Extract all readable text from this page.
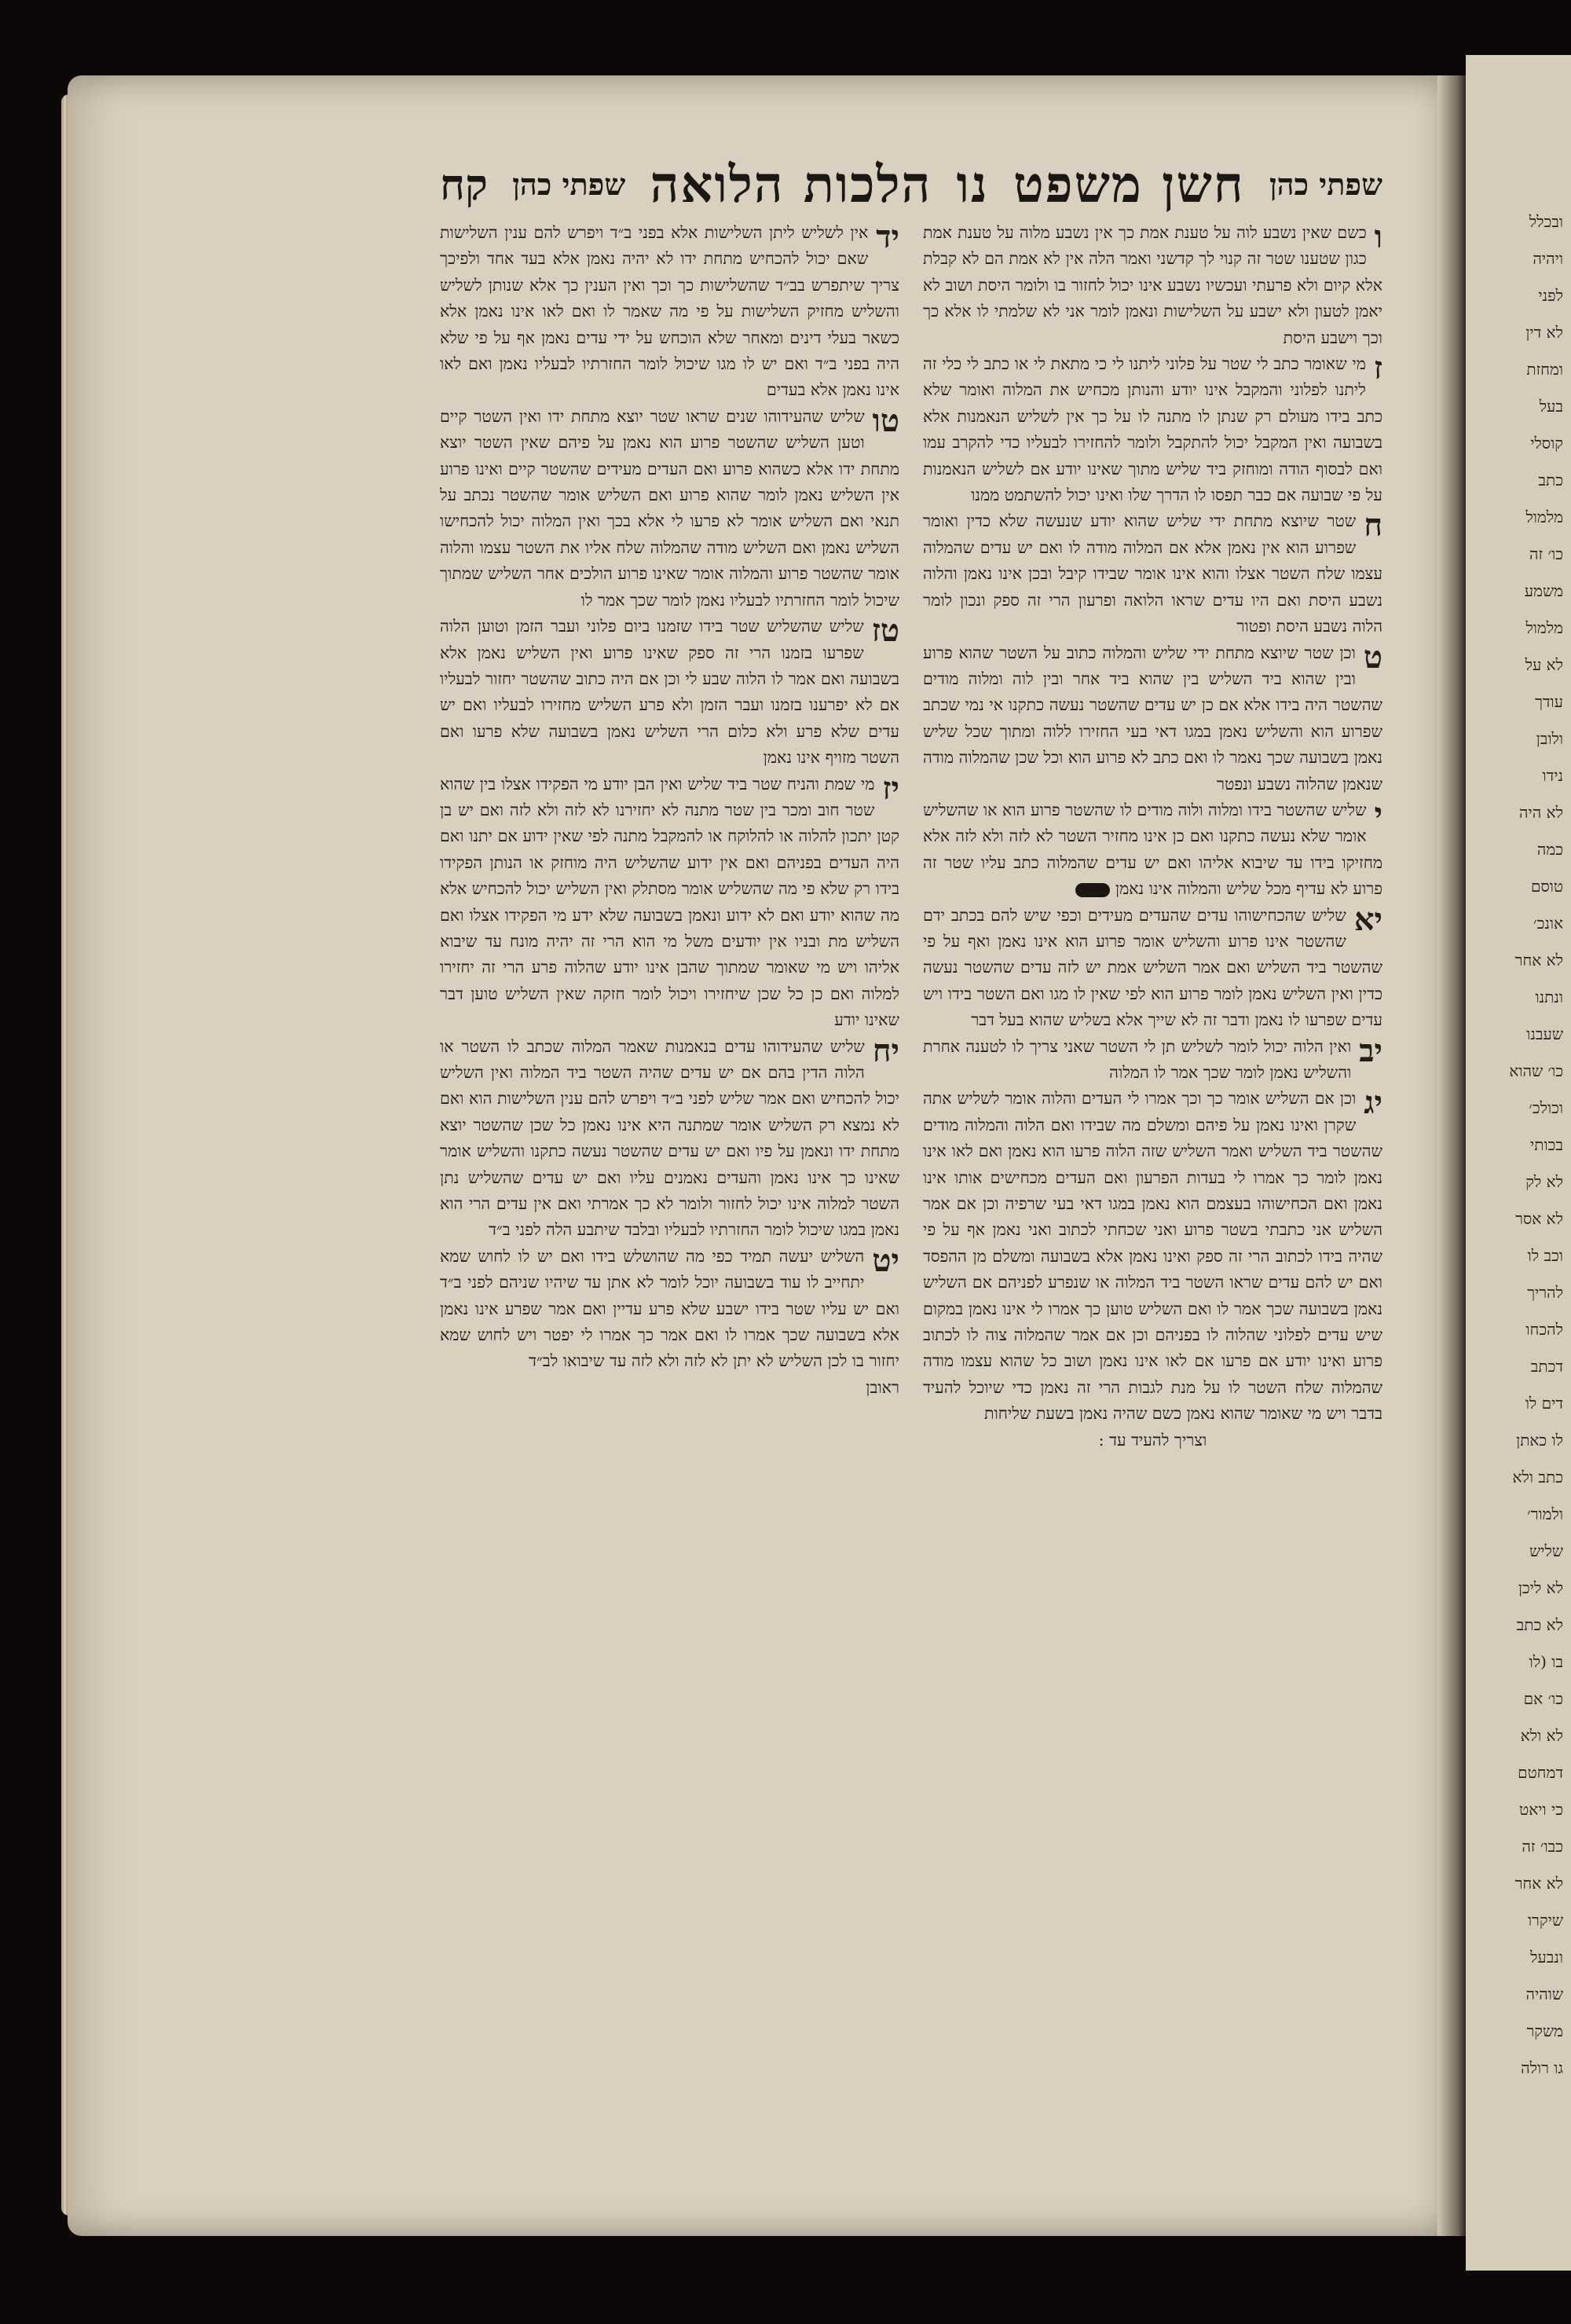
ובכלל
ויהיה
לפני
לא דין
ומחזת
בעל
קוסלי
כתב
מלמול
כו׳ זה
משמע
מלמול
לא על
עודך
ולובן
נידו
לא היה
כמה
טוסם
אונכ׳
לא אחר
ונתנו
שעבנו
כו׳ שהוא
וכולכ׳
בכותי
לא לק
לא אסר
וכב לו
להריך
להכחו
דכתב
דים לו
לו כאתן
כתב ולא
ולמור׳
שליש
לא ליכן
לא כתב
בו (לו
כו׳ אם
לא ולא
דמחטם
כי ויאט
כבו׳ זה
לא אחר
שיקרו
ונבעל
שוהיה
משקר
גו רולה
שפתי כהן
חשן משפט
נו
הלכות הלואה
שפתי כהן
קח

ו
כשם שאין נשבע לוה על טענת אמת כך אין נשבע מלוה על טענת אמת כגון שטענו שטר זה קנוי לך קדשני ואמר הלה אין לא אמת הם לא קבלת אלא קיום ולא פרעתי ועכשיו נשבע אינו יכול לחזור בו ולומר היסת ושוב לא יאמן לטעון ולא ישבע על השלישות ונאמן לומר אני לא שלמתי לו אלא כך וכך וישבע היסת

ז
מי שאומר כתב לי שטר על פלוני ליתנו לי כי מתאת לי או כתב לי כלי זה ליתנו לפלוני והמקבל אינו יודע והנותן מכחיש את המלוה ואומר שלא כתב בידו מעולם רק שנתן לו מתנה לו על כך אין לשליש הנאמנות אלא בשבועה ואין המקבל יכול להתקבל ולומר להחזירו לבעליו כדי להקרב עמו ואם לבסוף הודה ומוחזק ביד שליש מתוך שאינו יודע אם לשליש הנאמנות על פי שבועה אם כבר תפסו לו הדרך שלו ואינו יכול להשתמט ממנו

ח
שטר שיוצא מתחת ידי שליש שהוא יודע שנעשה שלא כדין ואומר שפרוע הוא אין נאמן אלא אם המלוה מודה לו ואם יש עדים שהמלוה עצמו שלח השטר אצלו והוא אינו אומר שבידו קיבל ובכן אינו נאמן והלוה נשבע היסת ואם היו עדים שראו הלואה ופרעון הרי זה ספק ונכון לומר הלוה נשבע היסת ופטור

ט
וכן שטר שיוצא מתחת ידי שליש והמלוה כתוב על השטר שהוא פרוע ובין שהוא ביד השליש בין שהוא ביד אחר ובין לוה ומלוה מודים שהשטר היה בידו אלא אם כן יש עדים שהשטר נעשה כתקנו אי נמי שכתב שפרוע הוא והשליש נאמן במגו דאי בעי החזירו ללוה ומתוך שכל שליש נאמן בשבועה שכך נאמר לו ואם כתב לא פרוע הוא וכל שכן שהמלוה מודה שנאמן שהלוה נשבע ונפטר

י
שליש שהשטר בידו ומלוה ולוה מודים לו שהשטר פרוע הוא או שהשליש אומר שלא נעשה כתקנו ואם כן אינו מחזיר השטר לא לזה ולא לזה אלא מחזיקו בידו עד שיבוא אליהו ואם יש עדים שהמלוה כתב עליו שטר זה פרוע לא עדיף מכל שליש והמלוה אינו נאמן

יא
שליש שהכחישוהו עדים שהעדים מעידים וכפי שיש להם בכתב ידם שהשטר אינו פרוע והשליש אומר פרוע הוא אינו נאמן ואף על פי שהשטר ביד השליש ואם אמר השליש אמת יש לזה עדים שהשטר נעשה כדין ואין השליש נאמן לומר פרוע הוא לפי שאין לו מגו ואם השטר בידו ויש עדים שפרעו לו נאמן ודבר זה לא שייך אלא בשליש שהוא בעל דבר

יב
ואין הלוה יכול לומר לשליש תן לי השטר שאני צריך לו לטענה אחרת והשליש נאמן לומר שכך אמר לו המלוה

יג
וכן אם השליש אומר כך וכך אמרו לי העדים והלוה אומר לשליש אתה שקרן ואינו נאמן על פיהם ומשלם מה שבידו ואם הלוה והמלוה מודים שהשטר ביד השליש ואמר השליש שזה הלוה פרעו הוא נאמן ואם לאו אינו נאמן לומר כך אמרו לי בעדות הפרעון ואם העדים מכחישים אותו אינו נאמן ואם הכחישוהו בעצמם הוא נאמן במגו דאי בעי שרפיה וכן אם אמר השליש אני כתבתי בשטר פרוע ואני שכחתי לכתוב ואני נאמן אף על פי שהיה בידו לכתוב הרי זה ספק ואינו נאמן אלא בשבועה ומשלם מן ההפסד ואם יש להם עדים שראו השטר ביד המלוה או שנפרע לפניהם אם השליש נאמן בשבועה שכך אמר לו ואם השליש טוען כך אמרו לי אינו נאמן במקום שיש עדים לפלוני שהלוה לו בפניהם וכן אם אמר שהמלוה צוה לו לכתוב פרוע ואינו יודע אם פרעו אם לאו אינו נאמן ושוב כל שהוא עצמו מודה שהמלוה שלח השטר לו על מנת לגבות הרי זה נאמן כדי שיוכל להעיד בדבר ויש מי שאומר שהוא נאמן כשם שהיה נאמן בשעת שליחות

וצריך להעיד עד :

יד
אין לשליש ליתן השלישות אלא בפני ב״ד ויפרש להם ענין השלישות שאם יכול להכחיש מתחת ידו לא יהיה נאמן אלא בעד אחד ולפיכך צריך שיתפרש בב״ד שהשלישות כך וכך ואין הענין כך אלא שנותן לשליש והשליש מחזיק השלישות על פי מה שאמר לו ואם לאו אינו נאמן אלא כשאר בעלי דינים ומאחר שלא הוכחש על ידי עדים נאמן אף על פי שלא היה בפני ב״ד ואם יש לו מגו שיכול לומר החזרתיו לבעליו נאמן ואם לאו אינו נאמן אלא בעדים

טו
שליש שהעידוהו שנים שראו שטר יוצא מתחת ידו ואין השטר קיים וטען השליש שהשטר פרוע הוא נאמן על פיהם שאין השטר יוצא מתחת ידו אלא כשהוא פרוע ואם העדים מעידים שהשטר קיים ואינו פרוע אין השליש נאמן לומר שהוא פרוע ואם השליש אומר שהשטר נכתב על תנאי ואם השליש אומר לא פרעו לי אלא בכך ואין המלוה יכול להכחישו השליש נאמן ואם השליש מודה שהמלוה שלח אליו את השטר עצמו והלוה אומר שהשטר פרוע והמלוה אומר שאינו פרוע הולכים אחר השליש שמתוך שיכול לומר החזרתיו לבעליו נאמן לומר שכך אמר לו

טז
שליש שהשליש שטר בידו שזמנו ביום פלוני ועבר הזמן וטוען הלוה שפרעו בזמנו הרי זה ספק שאינו פרוע ואין השליש נאמן אלא בשבועה ואם אמר לו הלוה שבע לי וכן אם היה כתוב שהשטר יחזור לבעליו אם לא יפרענו בזמנו ועבר הזמן ולא פרע השליש מחזירו לבעליו ואם יש עדים שלא פרע ולא כלום הרי השליש נאמן בשבועה שלא פרעו ואם השטר מזויף אינו נאמן

יז
מי שמת והניח שטר ביד שליש ואין הבן יודע מי הפקידו אצלו בין שהוא שטר חוב ומכר בין שטר מתנה לא יחזירנו לא לזה ולא לזה ואם יש בן קטן יתכון להלוה או להלוקח או להמקבל מתנה לפי שאין ידוע אם יתנו ואם היה העדים בפניהם ואם אין ידוע שהשליש היה מוחזק או הנותן הפקידו בידו רק שלא פי מה שהשליש אומר מסתלק ואין השליש יכול להכחיש אלא מה שהוא יודע ואם לא ידוע ונאמן בשבועה שלא ידע מי הפקידו אצלו ואם השליש מת ובניו אין יודעים משל מי הוא הרי זה יהיה מונח עד שיבוא אליהו ויש מי שאומר שמתוך שהבן אינו יודע שהלוה פרע הרי זה יחזירו למלוה ואם כן כל שכן שיחזירו ויכול לומר חזקה שאין השליש טוען דבר שאינו יודע

יח
שליש שהעידוהו עדים בנאמנות שאמר המלוה שכתב לו השטר או הלוה הדין בהם אם יש עדים שהיה השטר ביד המלוה ואין השליש יכול להכחיש ואם אמר שליש לפני ב״ד ויפרש להם ענין השלישות הוא ואם לא נמצא רק השליש אומר שמתנה היא אינו נאמן כל שכן שהשטר יוצא מתחת ידו ונאמן על פיו ואם יש עדים שהשטר נעשה כתקנו והשליש אומר שאינו כך אינו נאמן והעדים נאמנים עליו ואם יש עדים שהשליש נתן השטר למלוה אינו יכול לחזור ולומר לא כך אמרתי ואם אין עדים הרי הוא נאמן במגו שיכול לומר החזרתיו לבעליו ובלבד שיתבע הלה לפני ב״ד

יט
השליש יעשה תמיד כפי מה שהושלש בידו ואם יש לו לחוש שמא יתחייב לו עוד בשבועה יוכל לומר לא אתן עד שיהיו שניהם לפני ב״ד ואם יש עליו שטר בידו ישבע שלא פרע עדיין ואם אמר שפרע אינו נאמן אלא בשבועה שכך אמרו לו ואם אמר כך אמרו לי יפטר ויש לחוש שמא יחזור בו לכן השליש לא יתן לא לזה ולא לזה עד שיבואו לב״ד

ראובן
